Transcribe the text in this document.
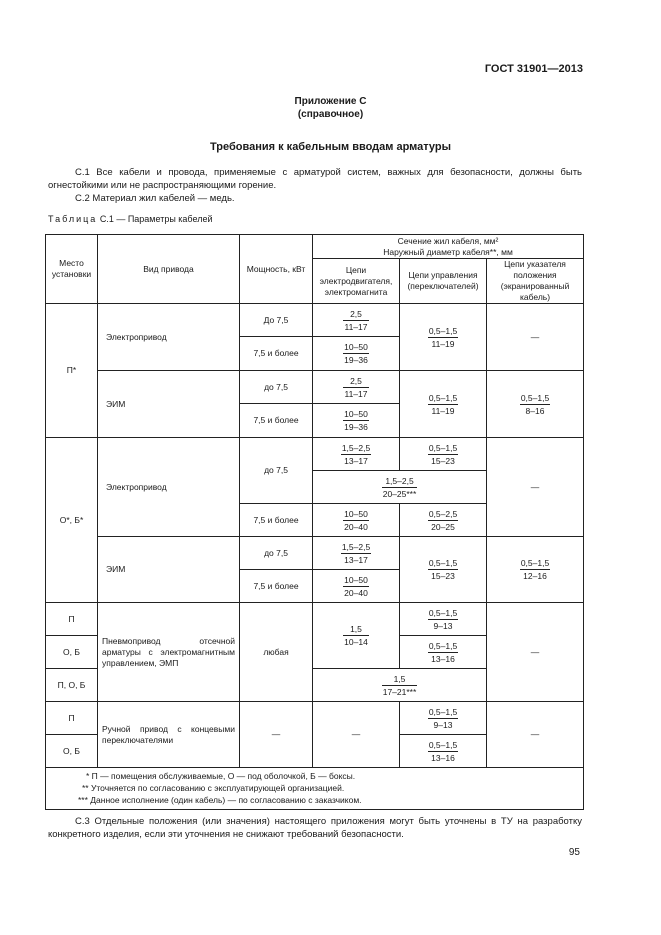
ГОСТ 31901—2013
Приложение С
(справочное)
Требования к кабельным вводам арматуры
С.1 Все кабели и провода, применяемые с арматурой систем, важных для безопасности, должны быть огнестойкими или не распространяющими горение.
С.2 Материал жил кабелей — медь.
Таблица С.1 — Параметры кабелей
Место установки	Вид привода	Мощность, кВт	Сечение жил кабеля, мм²
Наружный диаметр кабеля**, мм		

			Цепи электродвигателя, электромагнита	Цепи управления (переключателей)	Цепи указателя положения (экранированный кабель)
П*	Электропривод	До 7,5	$\frac{2,5}{11-17}$	$\frac{0,5-1,5}{11-19}$	—
		7,5 и более	$\frac{10-50}{19-36}$

	ЭИМ	до 7,5	$\frac{2,5}{11-17}$	$\frac{0,5-1,5}{11-19}$	$\frac{0,5-1,5}{8-16}$

		7,5 и более	$\frac{10-50}{19-36}$

О*, Б*	Электропривод	до 7,5	$\frac{1,5-2,5}{13-17}$	$\frac{0,5-1,5}{15-23}$	—

			$\frac{1,5-2,5}{20-25***}$

		7,5 и более	$\frac{10-50}{20-40}$	$\frac{0,5-2,5}{20-25}$

	ЭИМ	до 7,5	$\frac{1,5-2,5}{13-17}$	$\frac{0,5-1,5}{15-23}$	$\frac{0,5-1,5}{12-16}$

		7,5 и более	$\frac{10-50}{20-40}$

П	Пневмопривод отсечной арматуры с электромагнитным управлением, ЭМП	любая	$\frac{1,5}{10-14}$	$\frac{0,5-1,5}{9-13}$	—
О, Б				$\frac{0,5-1,5}{13-16}$

П, О, Б			$\frac{1,5}{17-21***}$

П	Ручной привод с концевыми переключателями	—	—	$\frac{0,5-1,5}{9-13}$	—
О, Б				$\frac{0,5-1,5}{13-16}$

* П — помещения обслуживаемые, О — под оболочкой, Б — боксы.
** Уточняется по согласованию с эксплуатирующей организацией.
*** Данное исполнение (один кабель) — по согласованию с заказчиком.					
С.3 Отдельные положения (или значения) настоящего приложения могут быть уточнены в ТУ на разработку конкретного изделия, если эти уточнения не снижают требований безопасности.
95
